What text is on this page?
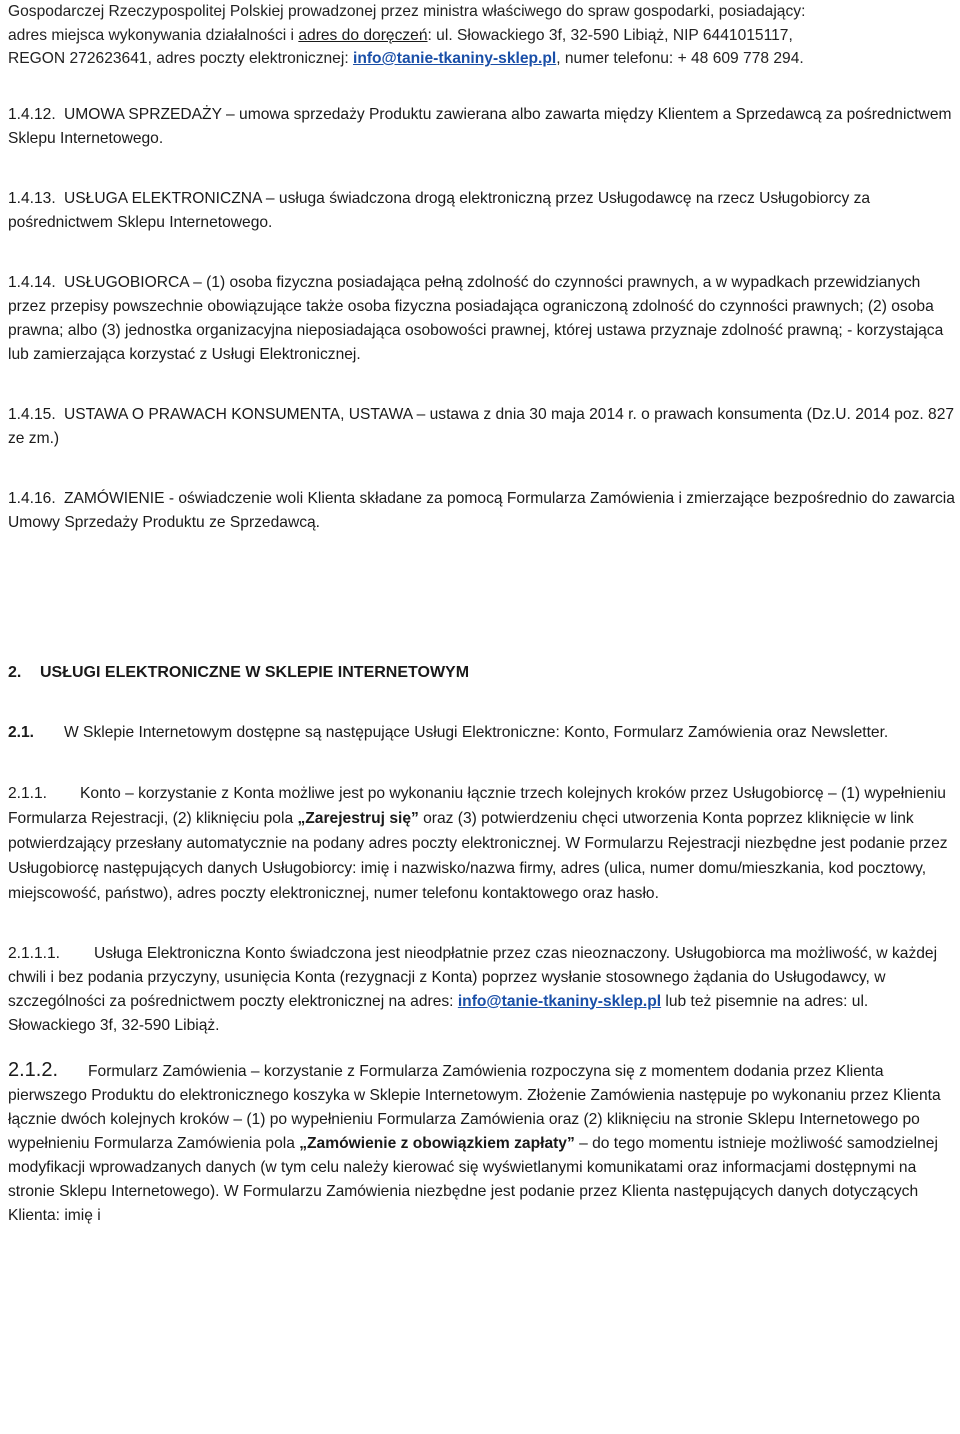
Gospodarczej Rzeczypospolitej Polskiej prowadzonej przez ministra właściwego do spraw gospodarki, posiadający:
adres miejsca wykonywania działalności i adres do doręczeń: ul. Słowackiego 3f, 32-590 Libiąż, NIP 6441015117,
REGON 272623641, adres poczty elektronicznej: info@tanie-tkaniny-sklep.pl, numer telefonu: + 48 609 778 294.

1.4.12. UMOWA SPRZEDAŻY – umowa sprzedaży Produktu zawierana albo zawarta między Klientem a Sprzedawcą za pośrednictwem Sklepu Internetowego.

1.4.13. USŁUGA ELEKTRONICZNA – usługa świadczona drogą elektroniczną przez Usługodawcę na rzecz Usługobiorcy za pośrednictwem Sklepu Internetowego.

1.4.14. USŁUGOBIORCA – (1) osoba fizyczna posiadająca pełną zdolność do czynności prawnych, a w wypadkach przewidzianych przez przepisy powszechnie obowiązujące także osoba fizyczna posiadająca ograniczoną zdolność do czynności prawnych; (2) osoba prawna; albo (3) jednostka organizacyjna nieposiadająca osobowości prawnej, której ustawa przyznaje zdolność prawną; - korzystająca lub zamierzająca korzystać z Usługi Elektronicznej.

1.4.15. USTAWA O PRAWACH KONSUMENTA, USTAWA – ustawa z dnia 30 maja 2014 r. o prawach konsumenta (Dz.U. 2014 poz. 827 ze zm.)

1.4.16. ZAMÓWIENIE - oświadczenie woli Klienta składane za pomocą Formularza Zamówienia i zmierzające bezpośrednio do zawarcia Umowy Sprzedaży Produktu ze Sprzedawcą.

2. USŁUGI ELEKTRONICZNE W SKLEPIE INTERNETOWYM

2.1. W Sklepie Internetowym dostępne są następujące Usługi Elektroniczne: Konto, Formularz Zamówienia oraz Newsletter.

2.1.1. Konto – korzystanie z Konta możliwe jest po wykonaniu łącznie trzech kolejnych kroków przez Usługobiorcę – (1) wypełnieniu Formularza Rejestracji, (2) kliknięciu pola „Zarejestruj się” oraz (3) potwierdzeniu chęci utworzenia Konta poprzez kliknięcie w link potwierdzający przesłany automatycznie na podany adres poczty elektronicznej. W Formularzu Rejestracji niezbędne jest podanie przez Usługobiorcę następujących danych Usługobiorcy: imię i nazwisko/nazwa firmy, adres (ulica, numer domu/mieszkania, kod pocztowy, miejscowość, państwo), adres poczty elektronicznej, numer telefonu kontaktowego oraz hasło.

2.1.1.1. Usługa Elektroniczna Konto świadczona jest nieodpłatnie przez czas nieoznaczony. Usługobiorca ma możliwość, w każdej chwili i bez podania przyczyny, usunięcia Konta (rezygnacji z Konta) poprzez wysłanie stosownego żądania do Usługodawcy, w szczególności za pośrednictwem poczty elektronicznej na adres: info@tanie-tkaniny-sklep.pl lub też pisemnie na adres: ul. Słowackiego 3f, 32-590 Libiąż.

2.1.2. Formularz Zamówienia – korzystanie z Formularza Zamówienia rozpoczyna się z momentem dodania przez Klienta pierwszego Produktu do elektronicznego koszyka w Sklepie Internetowym. Złożenie Zamówienia następuje po wykonaniu przez Klienta łącznie dwóch kolejnych kroków – (1) po wypełnieniu Formularza Zamówienia oraz (2) kliknięciu na stronie Sklepu Internetowego po wypełnieniu Formularza Zamówienia pola „Zamówienie z obowiązkiem zapłaty” – do tego momentu istnieje możliwość samodzielnej modyfikacji wprowadzanych danych (w tym celu należy kierować się wyświetlanymi komunikatami oraz informacjami dostępnymi na stronie Sklepu Internetowego). W Formularzu Zamówienia niezbędne jest podanie przez Klienta następujących danych dotyczących Klienta: imię i
